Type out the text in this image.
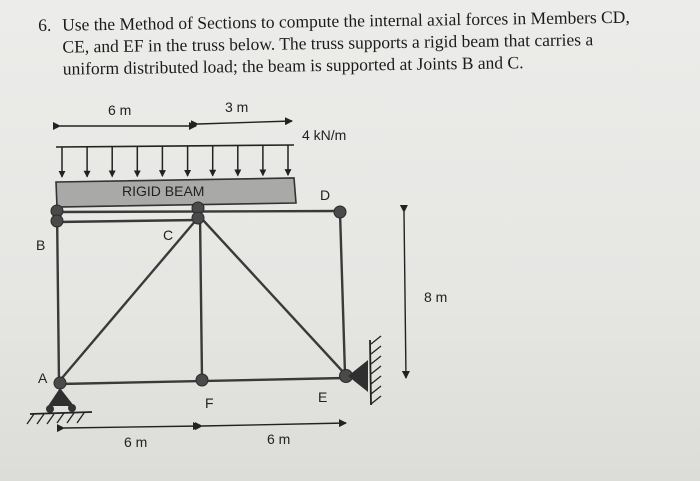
6. Use the Method of Sections to compute the internal axial forces in Members CD,
CE, and EF in the truss below. The truss supports a rigid beam that carries a
uniform distributed load; the beam is supported at Joints B and C.
6 m	3 m
4 kN/m
RIGID BEAM
8 m
6 m	6 m
B
C
D
A
F	E
